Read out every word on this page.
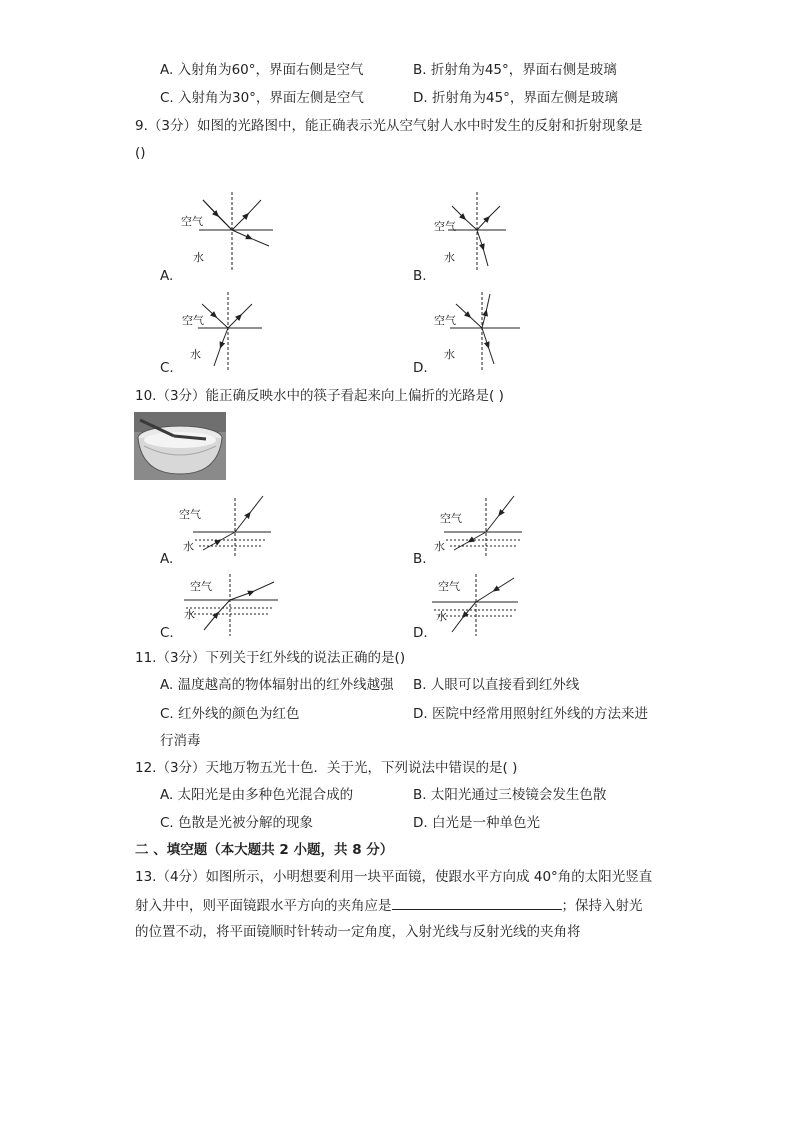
A. 入射角为60°，界面右侧是空气	B. 折射角为45°，界面右侧是玻璃
C. 入射角为30°，界面左侧是空气	D. 折射角为45°，界面左侧是玻璃
9.（3分）如图的光路图中，能正确表示光从空气射人水中时发生的反射和折射现象是
()
空气
水
A.
空气
水
B.
空气
水
C.
空气
水
D.
10.（3分）能正确反映水中的筷子看起来向上偏折的光路是( )
空气
水
A.
空气
水
B.
空气
水
C.
空气
水
D.
11.（3分）下列关于红外线的说法正确的是()
A. 温度越高的物体辐射出的红外线越强 B. 人眼可以直接看到红外线
C. 红外线的颜色为红色	D. 医院中经常用照射红外线的方法来进
行消毒
12.（3分）天地万物五光十色．关于光，下列说法中错误的是( )
A. 太阳光是由多种色光混合成的	B. 太阳光通过三棱镜会发生色散
C. 色散是光被分解的现象	D. 白光是一种单色光
二 、填空题（本大题共 2 小题，共 8 分）
13.（4分）如图所示，小明想要利用一块平面镜，使跟水平方向成 40°角的太阳光竖直
射入井中，则平面镜跟水平方向的夹角应是	；保持入射光
的位置不动，将平面镜顺时针转动一定角度，入射光线与反射光线的夹角将
